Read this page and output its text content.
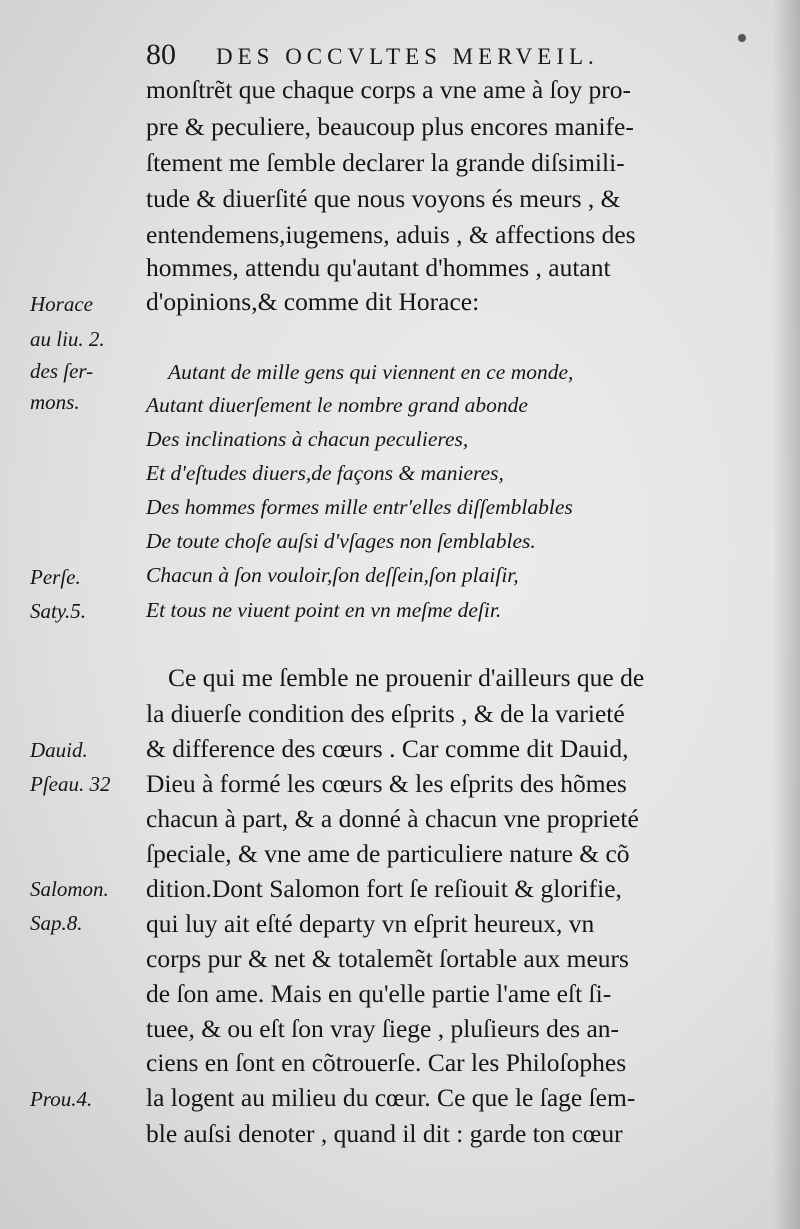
80 DES OCCVLTES MERVEIL.
monſtrẽt que chaque corps a vne ame à ſoy pro-
pre & peculiere, beaucoup plus encores manife-
ſtement me ſemble declarer la grande diſsimili-
tude & diuerſité que nous voyons és meurs , &
entendemens,iugemens, aduis , & affections des
hommes, attendu qu'autant d'hommes , autant
d'opinions,& comme dit Horace:
Autant de mille gens qui viennent en ce monde,
Autant diuerſement le nombre grand abonde
Des inclinations à chacun peculieres,
Et d'eſtudes diuers,de façons & manieres,
Des hommes formes mille entr'elles diſſemblables
De toute choſe auſsi d'vſages non ſemblables.
Chacun à ſon vouloir,ſon deſſein,ſon plaiſir,
Et tous ne viuent point en vn meſme deſir.
Ce qui me ſemble ne prouenir d'ailleurs que de
la diuerſe condition des eſprits , & de la varieté
& difference des cœurs . Car comme dit Dauid,
Dieu à formé les cœurs & les eſprits des hõmes
chacun à part, & a donné à chacun vne proprieté
ſpeciale, & vne ame de particuliere nature & cõ
dition.Dont Salomon fort ſe reſiouit & glorifie,
qui luy ait eſté departy vn eſprit heureux, vn
corps pur & net & totalemẽt ſortable aux meurs
de ſon ame. Mais en qu'elle partie l'ame eſt ſi-
tuee, & ou eſt ſon vray ſiege , pluſieurs des an-
ciens en ſont en cõtrouerſe. Car les Philoſophes
la logent au milieu du cœur. Ce que le ſage ſem-
ble auſsi denoter , quand il dit : garde ton cœur
Horace
au liu. 2.
des ſer-
mons.
Perſe.
Saty.5.
Dauid.
Pſeau. 32
Salomon.
Sap.8.
Prou.4.
